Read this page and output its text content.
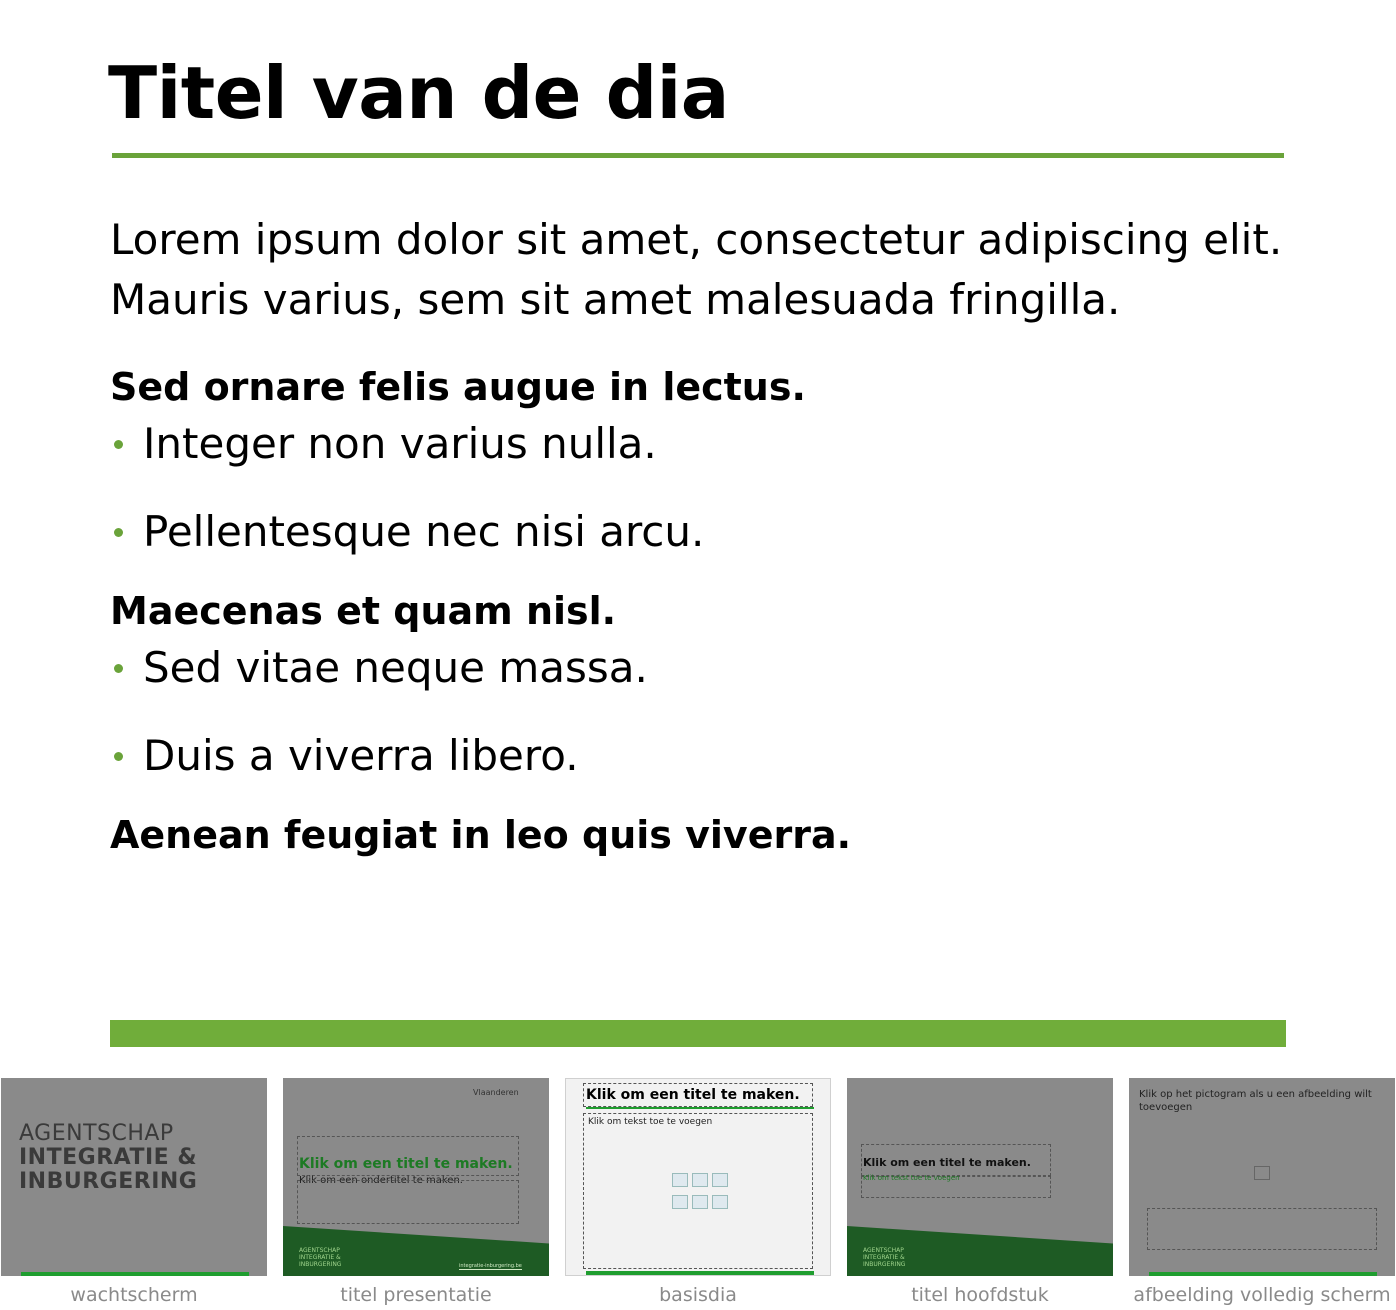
Titel van de dia

Lorem ipsum dolor sit amet, consectetur adipiscing elit. Mauris varius, sem sit amet malesuada fringilla.

Sed ornare felis augue in lectus.

Integer non varius nulla.
Pellentesque nec nisi arcu.

Maecenas et quam nisl.

Sed vitae neque massa.
Duis a viverra libero.

Aenean feugiat in leo quis viverra.

AGENTSCHAP
INTEGRATIE &
INBURGERING
Vlaanderen
Klik om een titel te maken.
Klik om een ondertitel te maken.
AGENTSCHAP
INTEGRATIE &
INBURGERING	integratie-inburgering.be
Klik om een titel te maken.
Klik om tekst toe te voegen

Klik om een titel te maken.
Klik om tekst toe te voegen
AGENTSCHAP
INTEGRATIE &
INBURGERING
Klik op het pictogram als u een afbeelding wilt toevoegen
wachtscherm	titel presentatie	basisdia	titel hoofdstuk	afbeelding volledig scherm
